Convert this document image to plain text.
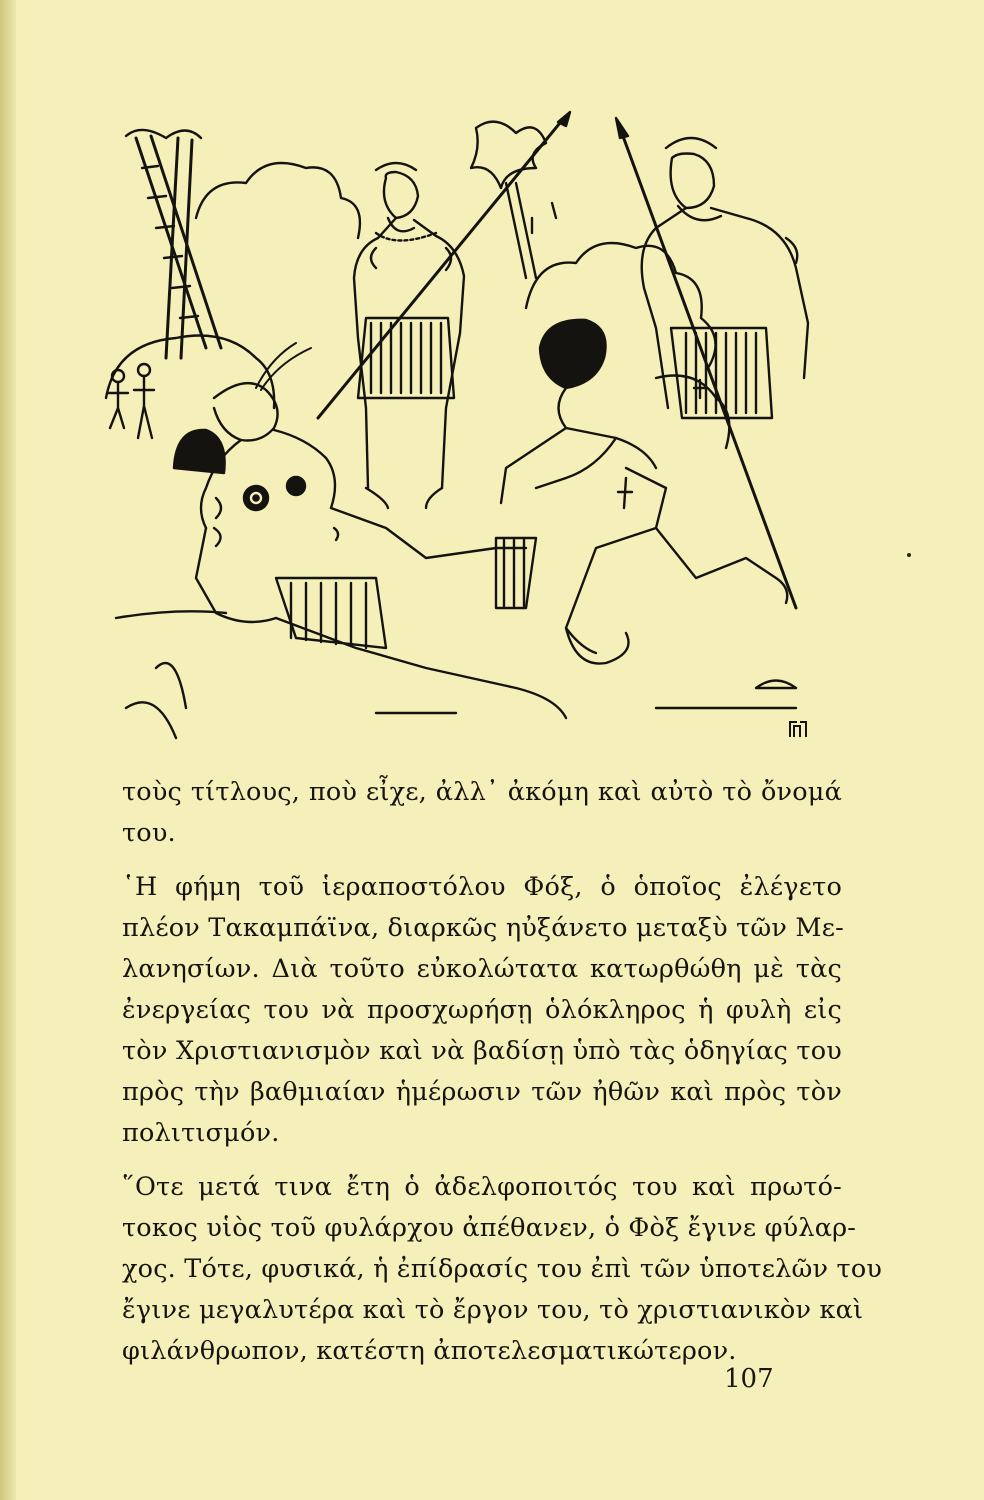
τοὺς τίτλους, ποὺ εἶχε, ἀλλ᾿ ἀκόμη καὶ αὐτὸ τὸ ὄνομά
του.
῾Η φήμη τοῦ ἱεραποστόλου Φόξ, ὁ ὁποῖος ἐλέγετο
πλέον Τακαμπάϊνα, διαρκῶς ηὐξάνετο μεταξὺ τῶν Με-
λανησίων. Διὰ τοῦτο εὐκολώτατα κατωρθώθη μὲ τὰς
ἐνεργείας του νὰ προσχωρήσῃ ὁλόκληρος ἡ φυλὴ εἰς
τὸν Χριστιανισμὸν καὶ νὰ βαδίσῃ ὑπὸ τὰς ὁδηγίας του
πρὸς τὴν βαθμιαίαν ἡμέρωσιν τῶν ἠθῶν καὶ πρὸς τὸν
πολιτισμόν.
῞Οτε μετά τινα ἔτη ὁ ἀδελφοποιτός του καὶ πρωτό-
τοκος υἱὸς τοῦ φυλάρχου ἀπέθανεν, ὁ Φὸξ ἔγινε φύλαρ-
χος. Τότε, φυσικά, ἡ ἐπίδρασίς του ἐπὶ τῶν ὑποτελῶν του
ἔγινε μεγαλυτέρα καὶ τὸ ἔργον του, τὸ χριστιανικὸν καὶ
φιλάνθρωπον, κατέστη ἀποτελεσματικώτερον.
107
